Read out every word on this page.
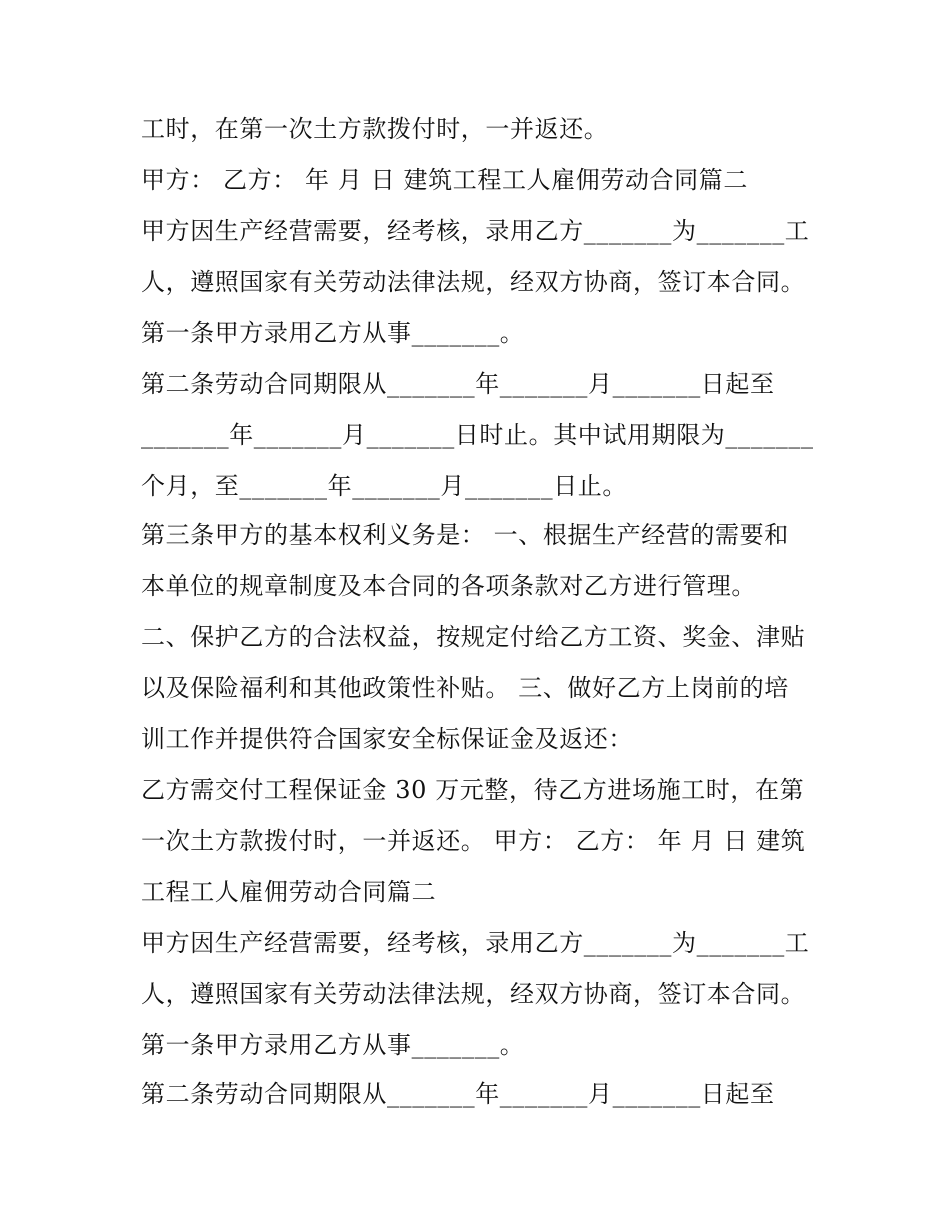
工时，在第一次土方款拨付时，一并返还。
甲方： 乙方： 年 月 日 建筑工程工人雇佣劳动合同篇二
甲方因生产经营需要，经考核，录用乙方_______为_______工
人，遵照国家有关劳动法律法规，经双方协商，签订本合同。
第一条甲方录用乙方从事_______。
第二条劳动合同期限从_______年_______月_______日起至
_______年_______月_______日时止。其中试用期限为_______
个月，至_______年_______月_______日止。
第三条甲方的基本权利义务是： 一、根据生产经营的需要和
本单位的规章制度及本合同的各项条款对乙方进行管理。
二、保护乙方的合法权益，按规定付给乙方工资、奖金、津贴
以及保险福利和其他政策性补贴。 三、做好乙方上岗前的培
训工作并提供符合国家安全标保证金及返还：
乙方需交付工程保证金 30 万元整，待乙方进场施工时，在第
一次土方款拨付时，一并返还。 甲方： 乙方： 年 月 日 建筑
工程工人雇佣劳动合同篇二
甲方因生产经营需要，经考核，录用乙方_______为_______工
人，遵照国家有关劳动法律法规，经双方协商，签订本合同。
第一条甲方录用乙方从事_______。
第二条劳动合同期限从_______年_______月_______日起至
